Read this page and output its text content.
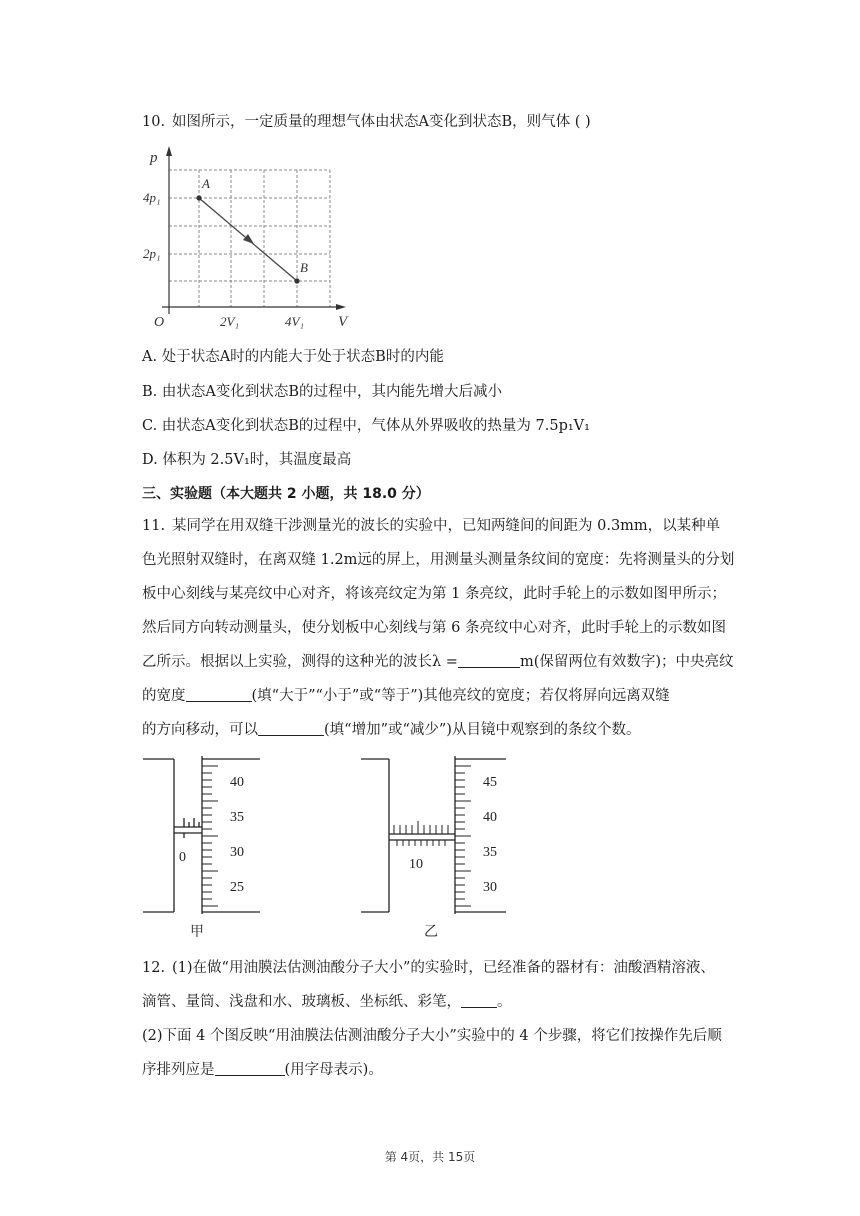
10. 如图所示，一定质量的理想气体由状态A变化到状态B，则气体 ( )
p
V
O
4p₁
2p₁
2V₁	4V₁
A
B
A. 处于状态A时的内能大于处于状态B时的内能
B. 由状态A变化到状态B的过程中，其内能先增大后减小
C. 由状态A变化到状态B的过程中，气体从外界吸收的热量为 7.5p₁V₁
D. 体积为 2.5V₁时，其温度最高
三、实验题（本大题共 2 小题，共 18.0 分）
11. 某同学在用双缝干涉测量光的波长的实验中，已知两缝间的间距为 0.3mm，以某种单
色光照射双缝时，在离双缝 1.2m远的屏上，用测量头测量条纹间的宽度：先将测量头的分划
板中心刻线与某亮纹中心对齐，将该亮纹定为第 1 条亮纹，此时手轮上的示数如图甲所示；
然后同方向转动测量头，使分划板中心刻线与第 6 条亮纹中心对齐，此时手轮上的示数如图
乙所示。根据以上实验，测得的这种光的波长λ =	m(保留两位有效数字)；中央亮纹
的宽度	(填“大于”“小于”或“等于”)其他亮纹的宽度；若仅将屏向远离双缝
的方向移动，可以	(填“增加”或“减少”)从目镜中观察到的条纹个数。
0
40
35
30
25
甲
10
45
40
35
30
乙
12. (1)在做“用油膜法估测油酸分子大小”的实验时，已经准备的器材有：油酸酒精溶液、
滴管、量筒、浅盘和水、玻璃板、坐标纸、彩笔， 。
(2)下面 4 个图反映“用油膜法估测油酸分子大小”实验中的 4 个步骤，将它们按操作先后顺
序排列应是	(用字母表示)。
第 4页，共 15页
